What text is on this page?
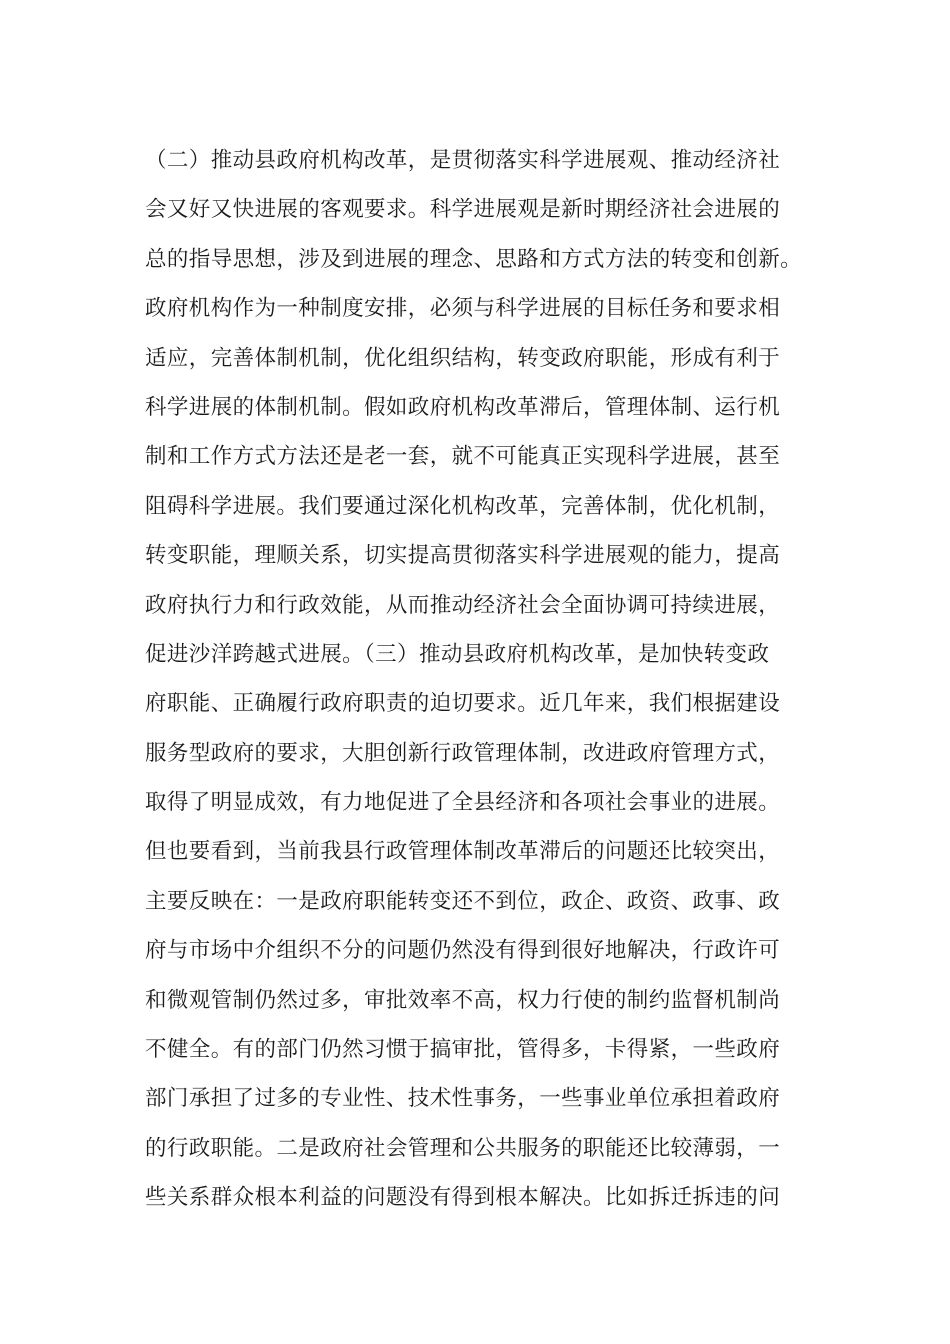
（二）推动县政府机构改革，是贯彻落实科学进展观、推动经济社
会又好又快进展的客观要求。科学进展观是新时期经济社会进展的
总的指导思想，涉及到进展的理念、思路和方式方法的转变和创新。
政府机构作为一种制度安排，必须与科学进展的目标任务和要求相
适应，完善体制机制，优化组织结构，转变政府职能，形成有利于
科学进展的体制机制。假如政府机构改革滞后，管理体制、运行机
制和工作方式方法还是老一套，就不可能真正实现科学进展，甚至
阻碍科学进展。我们要通过深化机构改革，完善体制，优化机制，
转变职能，理顺关系，切实提高贯彻落实科学进展观的能力，提高
政府执行力和行政效能，从而推动经济社会全面协调可持续进展，
促进沙洋跨越式进展。（三）推动县政府机构改革，是加快转变政
府职能、正确履行政府职责的迫切要求。近几年来，我们根据建设
服务型政府的要求，大胆创新行政管理体制，改进政府管理方式，
取得了明显成效，有力地促进了全县经济和各项社会事业的进展。
但也要看到，当前我县行政管理体制改革滞后的问题还比较突出，
主要反映在：一是政府职能转变还不到位，政企、政资、政事、政
府与市场中介组织不分的问题仍然没有得到很好地解决，行政许可
和微观管制仍然过多，审批效率不高，权力行使的制约监督机制尚
不健全。有的部门仍然习惯于搞审批，管得多，卡得紧，一些政府
部门承担了过多的专业性、技术性事务，一些事业单位承担着政府
的行政职能。二是政府社会管理和公共服务的职能还比较薄弱，一
些关系群众根本利益的问题没有得到根本解决。比如拆迁拆违的问
